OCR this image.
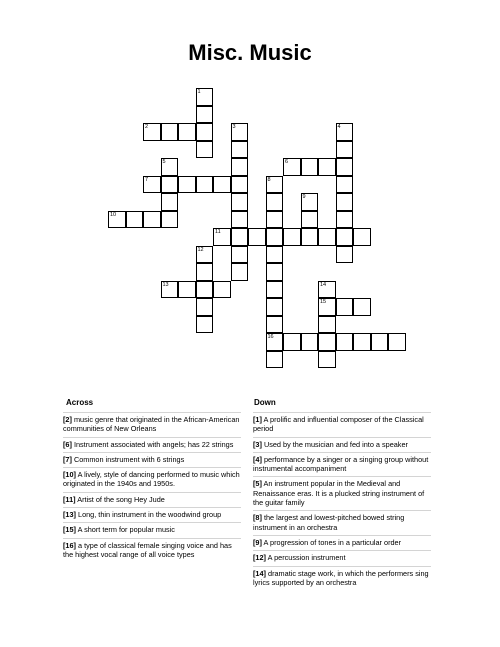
Misc. Music
2
6
7
10
11
13
15
16
1
3	4
5
8
9
12
14
Across	Down
[2] music genre that originated in the African-American communities of New Orleans
[6] Instrument associated with angels; has 22 strings
[7] Common instrument with 6 strings
[10] A lively, style of dancing performed to music which originated in the 1940s and 1950s.
[11] Artist of the song Hey Jude
[13] Long, thin instrument in the woodwind group
[15] A short term for popular music
[16] a type of classical female singing voice and has the highest vocal range of all voice types
[1] A prolific and influential composer of the Classical period
[3] Used by the musician and fed into a speaker
[4] performance by a singer or a singing group without instrumental accompaniment
[5] An instrument popular in the Medieval and Renaissance eras. It is a plucked string instrument of the guitar family
[8] the largest and lowest-pitched bowed string instrument in an orchestra
[9] A progression of tones in a particular order
[12] A percussion instrument
[14] dramatic stage work, in which the performers sing lyrics supported by an orchestra
